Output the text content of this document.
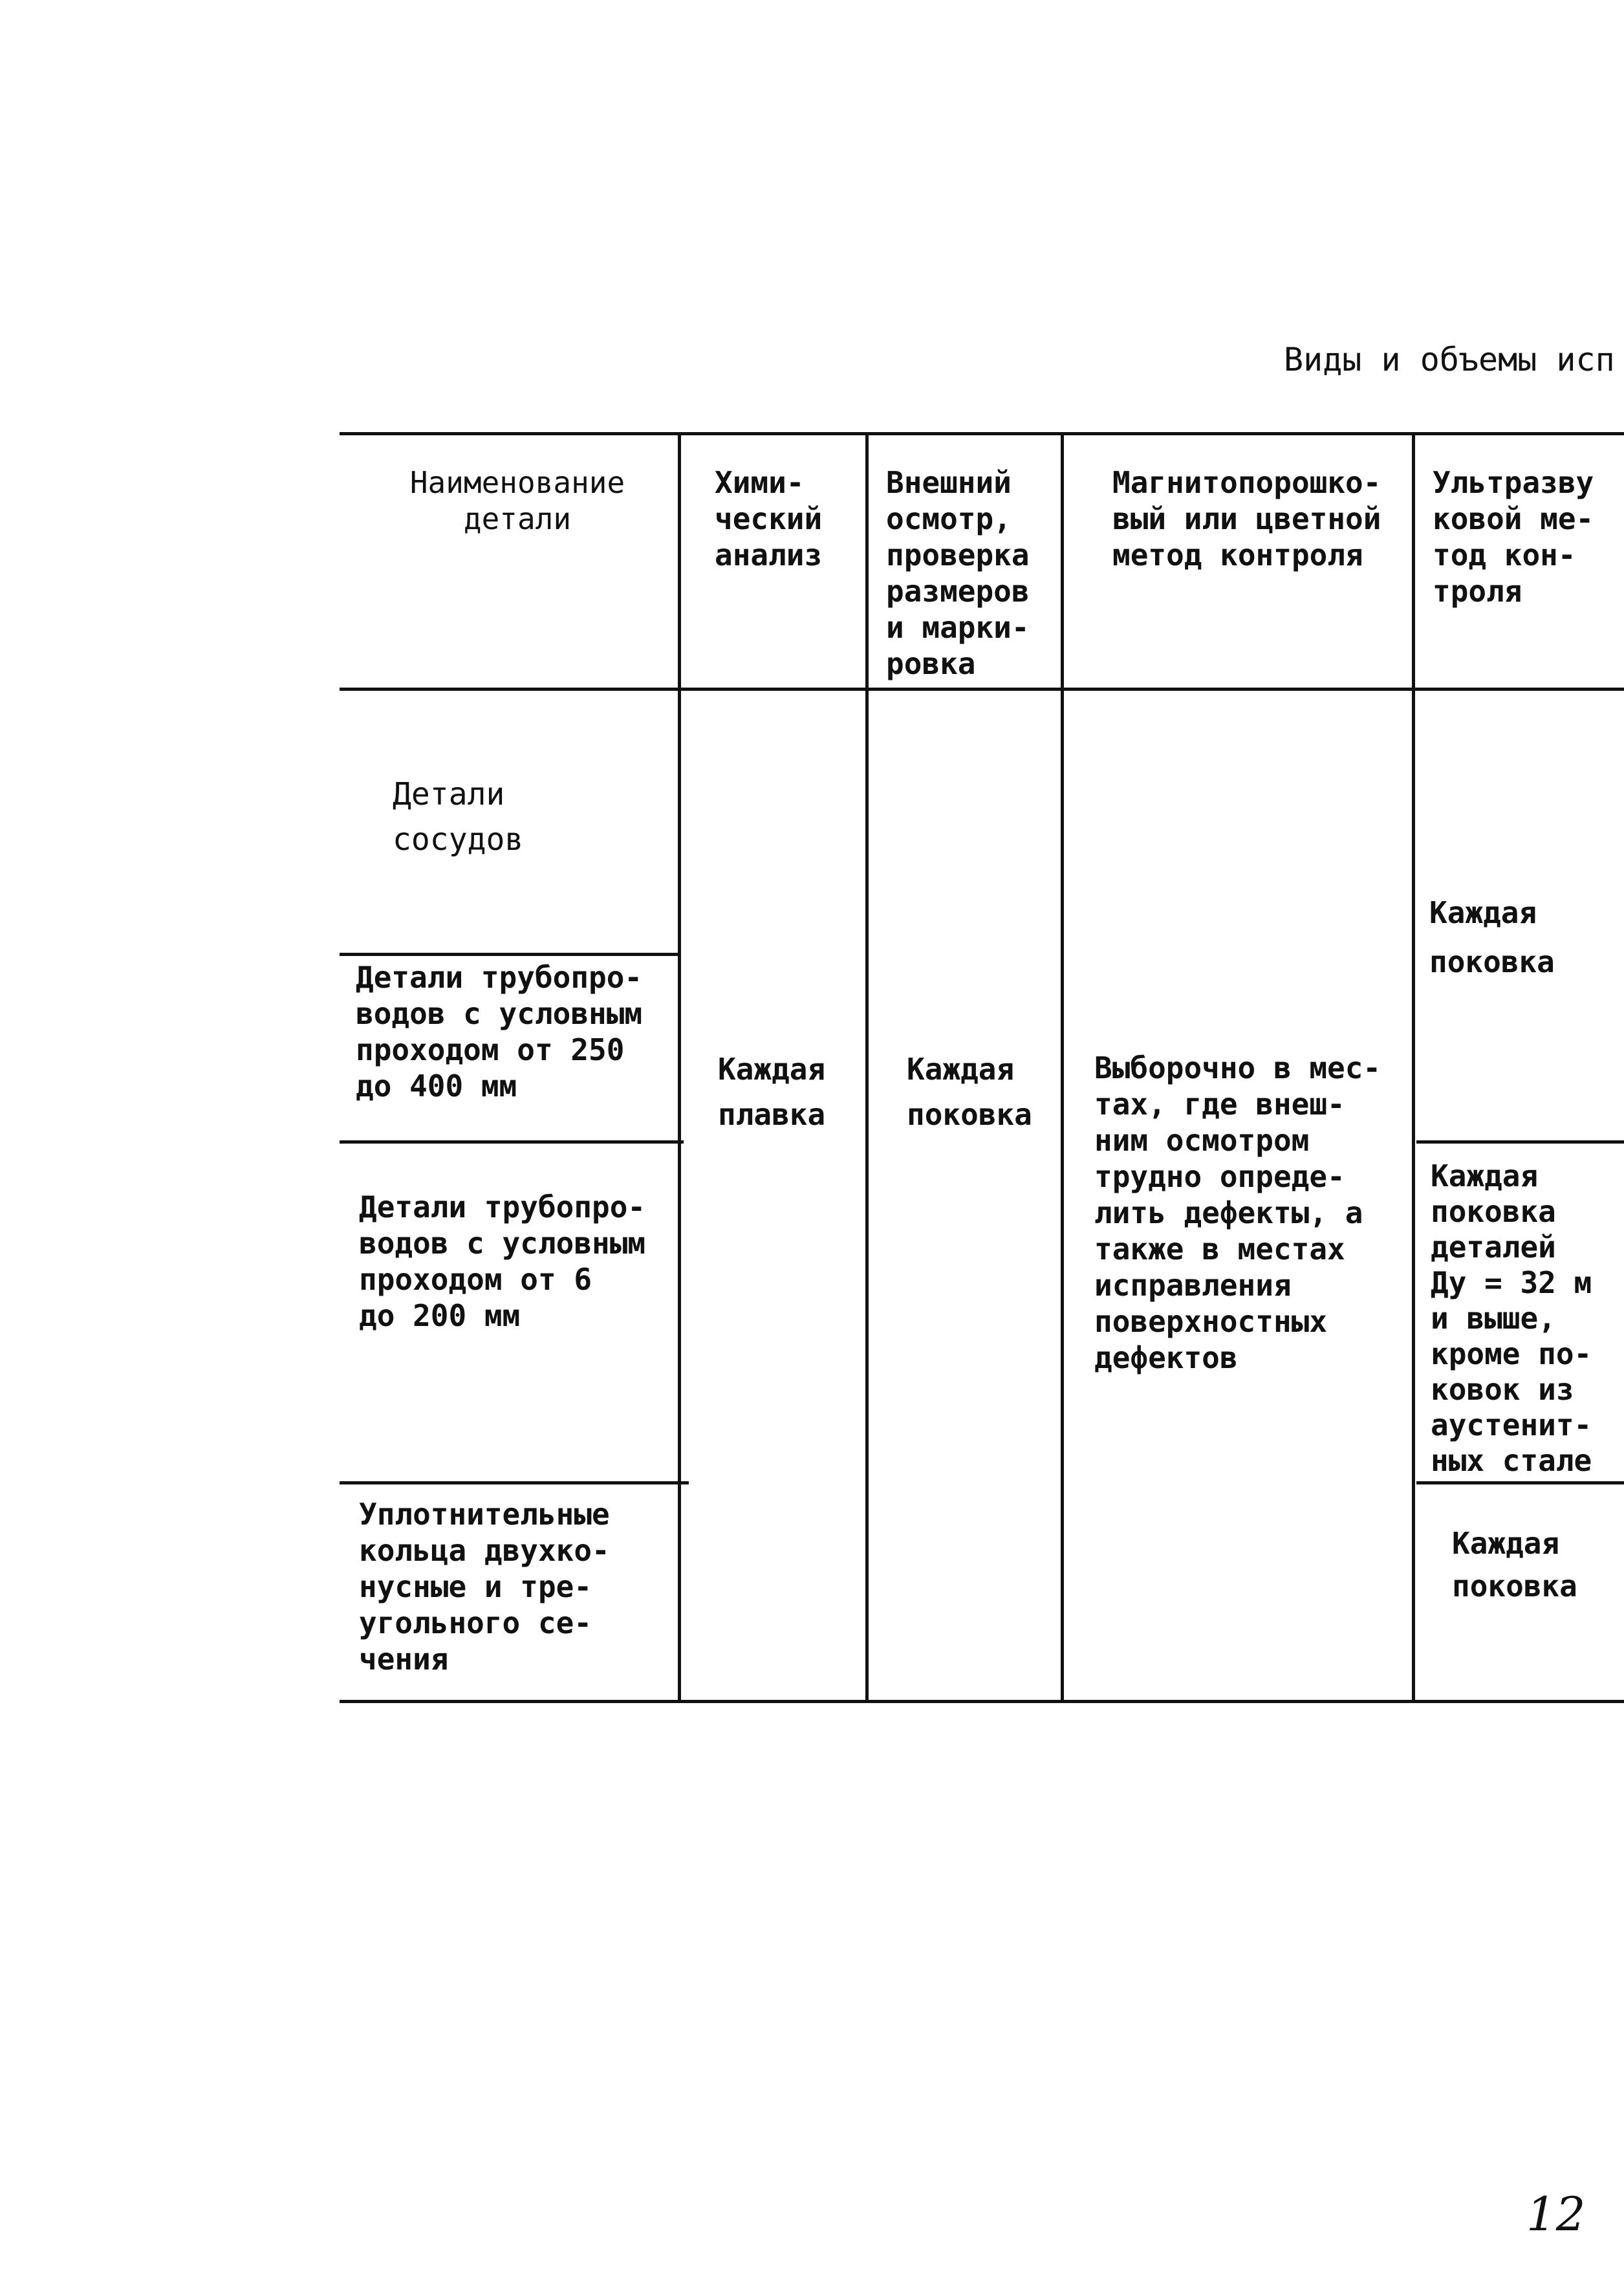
Виды и объемы исп
Наименование
детали
Хими-
ческий
анализ
Внешний
осмотр,
проверка
размеров
и марки-
ровка
Магнитопорошко-
вый или цветной
метод контроля
Ультразву
ковой ме-
тод кон-
троля
Детали
сосудов
Детали трубопро-
водов с условным
проходом от 250
до 400 мм
Детали трубопро-
водов с условным
проходом от 6
до 200 мм
Уплотнительные
кольца двухко-
нусные и тре-
угольного се-
чения
Каждая
плавка
Каждая
поковка
Выборочно в мес-
тах, где внеш-
ним осмотром
трудно опреде-
лить дефекты, а
также в местах
исправления
поверхностных
дефектов
Каждая
поковка
Каждая
поковка
деталей
Ду = 32 м
и выше,
кроме по-
ковок из
аустенит-
ных стале
Каждая
поковка
12
